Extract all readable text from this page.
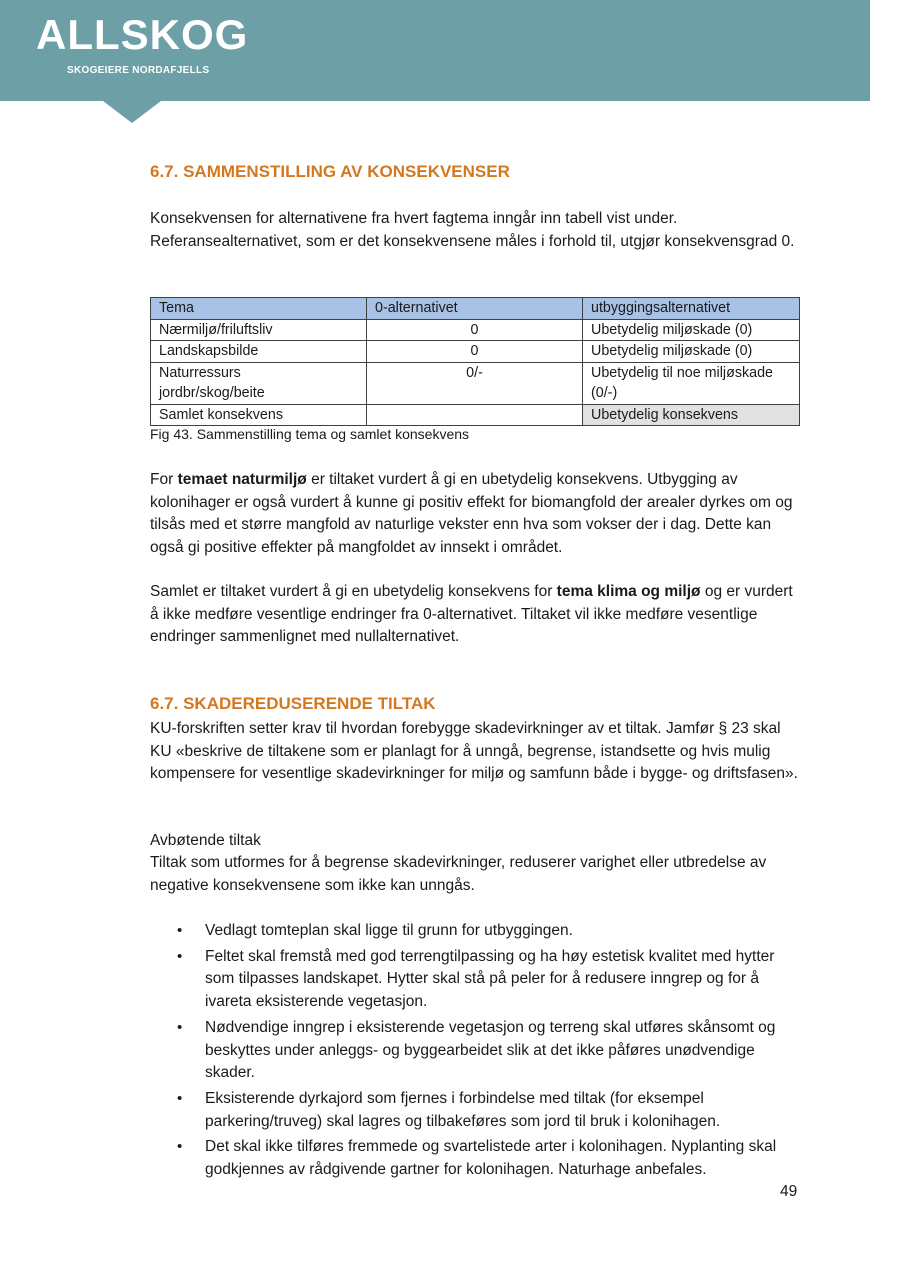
ALLSKOG
SKOGEIERE NORDAFJELLS
6.7. SAMMENSTILLING AV KONSEKVENSER

Konsekvensen for alternativene fra hvert fagtema inngår inn tabell vist under. Referansealternativet, som er det konsekvensene måles i forhold til, utgjør konsekvensgrad 0.

Tema	0-alternativet	utbyggingsalternativet
Nærmiljø/friluftsliv	0	Ubetydelig miljøskade (0)
Landskapsbilde	0	Ubetydelig miljøskade (0)
Naturressurs jordbr/skog/beite	0/-	Ubetydelig til noe miljøskade (0/-)
Samlet konsekvens		Ubetydelig konsekvens

Fig 43. Sammenstilling tema og samlet konsekvens

For temaet naturmiljø er tiltaket vurdert å gi en ubetydelig konsekvens. Utbygging av kolonihager er også vurdert å kunne gi positiv effekt for biomangfold der arealer dyrkes om og tilsås med et større mangfold av naturlige vekster enn hva som vokser der i dag. Dette kan også gi positive effekter på mangfoldet av innsekt i området.

Samlet er tiltaket vurdert å gi en ubetydelig konsekvens for tema klima og miljø og er vurdert å ikke medføre vesentlige endringer fra 0-alternativet. Tiltaket vil ikke medføre vesentlige endringer sammenlignet med nullalternativet.

6.7. SKADEREDUSERENDE TILTAK

KU-forskriften setter krav til hvordan forebygge skadevirkninger av et tiltak. Jamfør § 23 skal KU «beskrive de tiltakene som er planlagt for å unngå, begrense, istandsette og hvis mulig kompensere for vesentlige skadevirkninger for miljø og samfunn både i bygge- og driftsfasen».

Avbøtende tiltak

Tiltak som utformes for å begrense skadevirkninger, reduserer varighet eller utbredelse av negative konsekvensene som ikke kan unngås.

• Vedlagt tomteplan skal ligge til grunn for utbyggingen.
• Feltet skal fremstå med god terrengtilpassing og ha høy estetisk kvalitet med hytter som tilpasses landskapet. Hytter skal stå på peler for å redusere inngrep og for å ivareta eksisterende vegetasjon.
• Nødvendige inngrep i eksisterende vegetasjon og terreng skal utføres skånsomt og beskyttes under anleggs- og byggearbeidet slik at det ikke påføres unødvendige skader.
• Eksisterende dyrkajord som fjernes i forbindelse med tiltak (for eksempel parkering/truveg) skal lagres og tilbakeføres som jord til bruk i kolonihagen.
• Det skal ikke tilføres fremmede og svartelistede arter i kolonihagen. Nyplanting skal godkjennes av rådgivende gartner for kolonihagen. Naturhage anbefales.
49
